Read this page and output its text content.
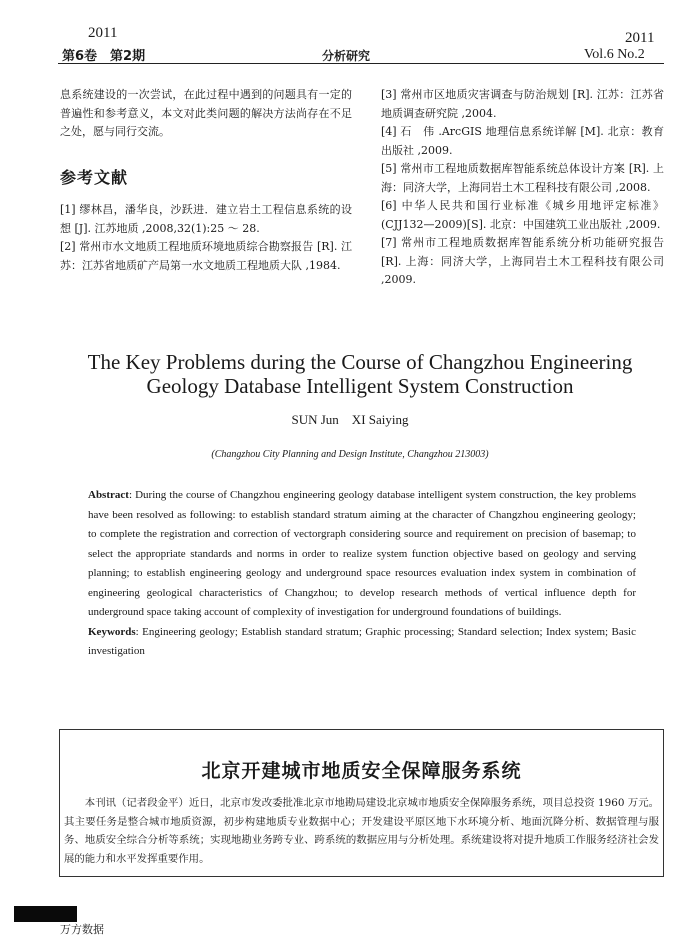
2011
第6卷　第2期	分析研究
2011
Vol.6 No.2

息系统建设的一次尝试，在此过程中遇到的问题具有一定的普遍性和参考意义，本文对此类问题的解决方法尚存在不足之处，愿与同行交流。

参考文献

[1] 缪林昌，潘华良，沙跃进．建立岩土工程信息系统的设想 [J]. 江苏地质 ,2008,32(1):25 ～ 28.

[2] 常州市水文地质工程地质环境地质综合勘察报告 [R]. 江苏：江苏省地质矿产局第一水文地质工程地质大队 ,1984.

[3] 常州市区地质灾害调查与防治规划 [R]. 江苏：江苏省地质调查研究院 ,2004.

[4] 石　伟 .ArcGIS 地理信息系统详解 [M]. 北京：教育出版社 ,2009.

[5] 常州市工程地质数据库智能系统总体设计方案 [R]. 上海：同济大学，上海同岩土木工程科技有限公司 ,2008.

[6] 中华人民共和国行业标准《城乡用地评定标准》(CJJ132—2009)[S]. 北京：中国建筑工业出版社 ,2009.

[7] 常州市工程地质数据库智能系统分析功能研究报告 [R]. 上海：同济大学，上海同岩土木工程科技有限公司 ,2009.

The Key Problems during the Course of Changzhou Engineering Geology Database Intelligent System Construction
SUN Jun　XI Saiying
(Changzhou City Planning and Design Institute, Changzhou 213003)
Abstract: During the course of Changzhou engineering geology database intelligent system construction, the key problems have been resolved as following: to establish standard stratum aiming at the character of Changzhou engineering geology; to complete the registration and correction of vectorgraph considering source and requirement on precision of basemap; to select the appropriate standards and norms in order to realize system function objective based on geology and serving planning; to establish engineering geology and underground space resources evaluation index system in combination of engineering geological characteristics of Changzhou; to develop research methods of vertical influence depth for underground space taking account of complexity of investigation for underground foundations of buildings.
Keywords: Engineering geology; Establish standard stratum; Graphic processing; Standard selection; Index system; Basic investigation
北京开建城市地质安全保障服务系统
本刊讯（记者段金平）近日，北京市发改委批准北京市地勘局建设北京城市地质安全保障服务系统，项目总投资 1960 万元。其主要任务是整合城市地质资源，初步构建地质专业数据中心；开发建设平原区地下水环境分析、地面沉降分析、数据管理与服务、地质安全综合分析等系统；实现地勘业务跨专业、跨系统的数据应用与分析处理。系统建设将对提升地质工作服务经济社会发展的能力和水平发挥重要作用。
万方数据
